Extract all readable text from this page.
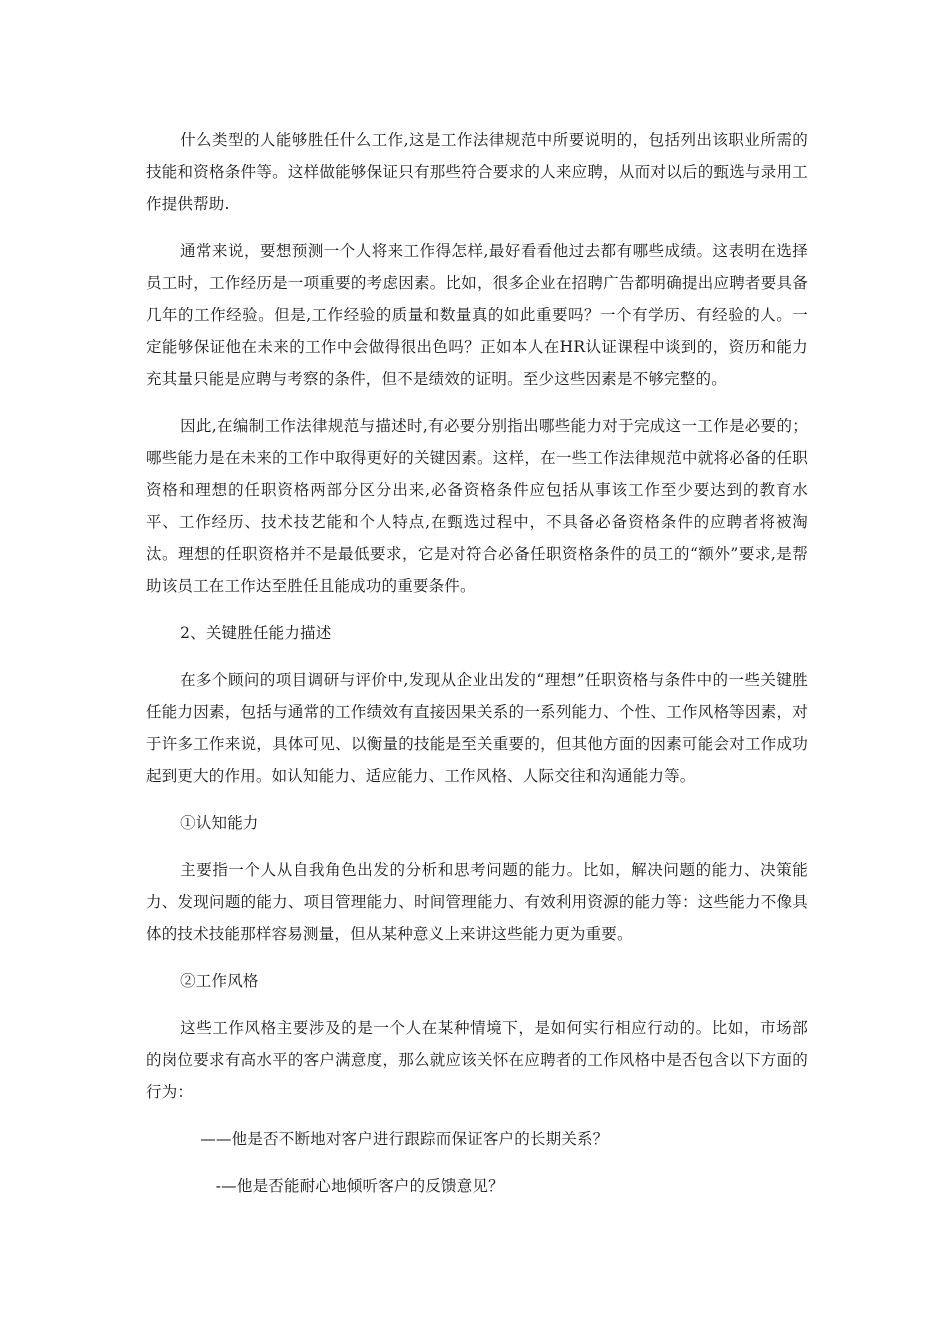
什么类型的人能够胜任什么工作,这是工作法律规范中所要说明的，包括列出该职业所需的技能和资格条件等。这样做能够保证只有那些符合要求的人来应聘，从而对以后的甄选与录用工作提供帮助.

通常来说，要想预测一个人将来工作得怎样,最好看看他过去都有哪些成绩。这表明在选择员工时，工作经历是一项重要的考虑因素。比如，很多企业在招聘广告都明确提出应聘者要具备几年的工作经验。但是,工作经验的质量和数量真的如此重要吗？一个有学历、有经验的人。一定能够保证他在未来的工作中会做得很出色吗？正如本人在HR认证课程中谈到的，资历和能力充其量只能是应聘与考察的条件，但不是绩效的证明。至少这些因素是不够完整的。

因此,在编制工作法律规范与描述时,有必要分别指出哪些能力对于完成这一工作是必要的；哪些能力是在未来的工作中取得更好的关键因素。这样，在一些工作法律规范中就将必备的任职资格和理想的任职资格两部分区分出来,必备资格条件应包括从事该工作至少要达到的教育水平、工作经历、技术技艺能和个人特点,在甄选过程中，不具备必备资格条件的应聘者将被淘汰。理想的任职资格并不是最低要求，它是对符合必备任职资格条件的员工的“额外”要求,是帮助该员工在工作达至胜任且能成功的重要条件。

2、关键胜任能力描述

在多个顾问的项目调研与评价中,发现从企业出发的“理想”任职资格与条件中的一些关键胜任能力因素，包括与通常的工作绩效有直接因果关系的一系列能力、个性、工作风格等因素，对于许多工作来说，具体可见、以衡量的技能是至关重要的，但其他方面的因素可能会对工作成功起到更大的作用。如认知能力、适应能力、工作风格、人际交往和沟通能力等。

①认知能力

主要指一个人从自我角色出发的分析和思考问题的能力。比如，解决问题的能力、决策能力、发现问题的能力、项目管理能力、时间管理能力、有效利用资源的能力等：这些能力不像具体的技术技能那样容易测量，但从某种意义上来讲这些能力更为重要。

②工作风格

这些工作风格主要涉及的是一个人在某种情境下，是如何实行相应行动的。比如，市场部的岗位要求有高水平的客户满意度，那么就应该关怀在应聘者的工作风格中是否包含以下方面的行为：

——他是否不断地对客户进行跟踪而保证客户的长期关系？

-—他是否能耐心地倾听客户的反馈意见？
